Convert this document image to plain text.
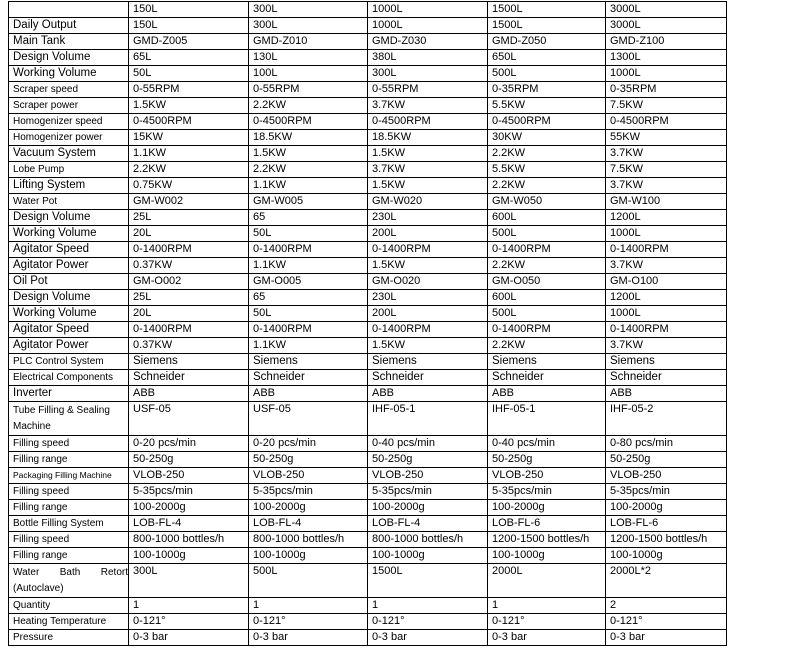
	150L	300L	1000L	1500L	3000L
Daily Output	150L	300L	1000L	1500L	3000L
Main Tank	GMD-Z005	GMD-Z010	GMD-Z030	GMD-Z050	GMD-Z100
Design Volume	65L	130L	380L	650L	1300L
Working Volume	50L	100L	300L	500L	1000L
Scraper speed	0-55RPM	0-55RPM	0-55RPM	0-35RPM	0-35RPM
Scraper power	1.5KW	2.2KW	3.7KW	5.5KW	7.5KW
Homogenizer speed	0-4500RPM	0-4500RPM	0-4500RPM	0-4500RPM	0-4500RPM
Homogenizer power	15KW	18.5KW	18.5KW	30KW	55KW
Vacuum System	1.1KW	1.5KW	1.5KW	2.2KW	3.7KW
Lobe Pump	2.2KW	2.2KW	3.7KW	5.5KW	7.5KW
Lifting System	0.75KW	1.1KW	1.5KW	2.2KW	3.7KW
Water Pot	GM-W002	GM-W005	GM-W020	GM-W050	GM-W100
Design Volume	25L	65	230L	600L	1200L
Working Volume	20L	50L	200L	500L	1000L
Agitator Speed	0-1400RPM	0-1400RPM	0-1400RPM	0-1400RPM	0-1400RPM
Agitator Power	0.37KW	1.1KW	1.5KW	2.2KW	3.7KW
Oil Pot	GM-O002	GM-O005	GM-O020	GM-O050	GM-O100
Design Volume	25L	65	230L	600L	1200L
Working Volume	20L	50L	200L	500L	1000L
Agitator Speed	0-1400RPM	0-1400RPM	0-1400RPM	0-1400RPM	0-1400RPM
Agitator Power	0.37KW	1.1KW	1.5KW	2.2KW	3.7KW
PLC Control System	Siemens	Siemens	Siemens	Siemens	Siemens
Electrical Components	Schneider	Schneider	Schneider	Schneider	Schneider
Inverter	ABB	ABB	ABB	ABB	ABB
Tube Filling & Sealing Machine	USF-05	USF-05	IHF-05-1	IHF-05-1	IHF-05-2
Filling speed	0-20 pcs/min	0-20 pcs/min	0-40 pcs/min	0-40 pcs/min	0-80 pcs/min
Filling range	50-250g	50-250g	50-250g	50-250g	50-250g
Packaging Filling Machine	VLOB-250	VLOB-250	VLOB-250	VLOB-250	VLOB-250
Filling speed	5-35pcs/min	5-35pcs/min	5-35pcs/min	5-35pcs/min	5-35pcs/min
Filling range	100-2000g	100-2000g	100-2000g	100-2000g	100-2000g
Bottle Filling System	LOB-FL-4	LOB-FL-4	LOB-FL-4	LOB-FL-6	LOB-FL-6
Filling speed	800-1000 bottles/h	800-1000 bottles/h	800-1000 bottles/h	1200-1500 bottles/h	1200-1500 bottles/h
Filling range	100-1000g	100-1000g	100-1000g	100-1000g	100-1000g
Water Bath Retort (Autoclave)	300L	500L	1500L	2000L	2000L*2
Quantity	1	1	1	1	2
Heating Temperature	0-121°	0-121°	0-121°	0-121°	0-121°
Pressure	0-3 bar	0-3 bar	0-3 bar	0-3 bar	0-3 bar
